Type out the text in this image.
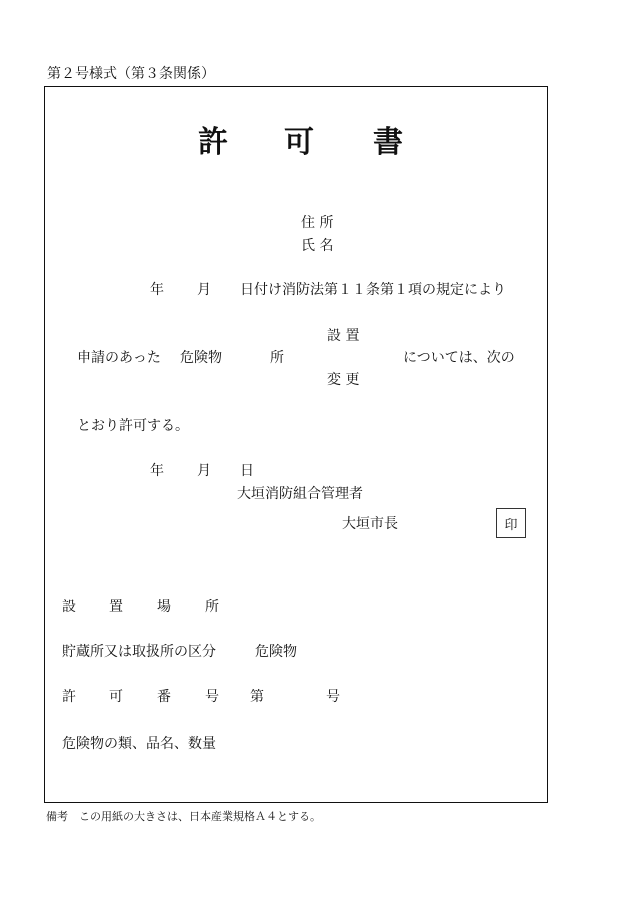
第２号様式（第３条関係）
許 可 書
住 所
氏 名
年 月 日付け消防法第１１条第１項の規定により
設 置
申請のあった 危険物	所	については、次の
変 更
とおり許可する。
年 月 日
大垣消防組合管理者
大垣市長	印
設 置 場 所
貯蔵所又は取扱所の区分	危険物
許 可 番 号 第	号
危険物の類、品名、数量
備考　この用紙の大きさは、日本産業規格Ａ４とする。
